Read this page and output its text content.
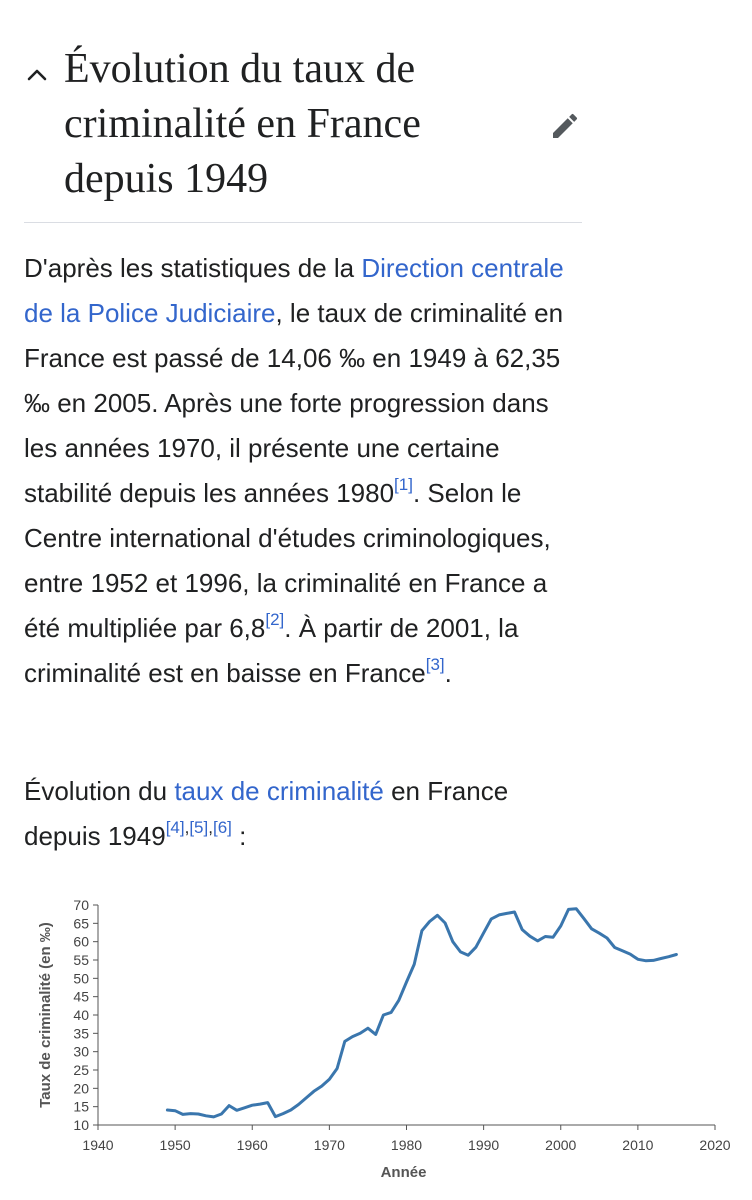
Évolution du taux de criminalité en France depuis 1949

D'après les statistiques de la Direction centrale de la Police Judiciaire, le taux de criminalité en France est passé de 14,06 ‰ en 1949 à 62,35 ‰ en 2005. Après une forte progression dans les années 1970, il présente une certaine stabilité depuis les années 1980[1]. Selon le Centre international d'études criminologiques, entre 1952 et 1996, la criminalité en France a été multipliée par 6,8[2]. À partir de 2001, la criminalité est en baisse en France[3].

Évolution du taux de criminalité en France depuis 1949[4],[5],[6] :

10
15
20
25
30
35
40
45
50
55
60
65
70
1940	1950	1960	1970	1980	1990	2000	2010	2020
Année
Taux de criminalité (en ‰)
